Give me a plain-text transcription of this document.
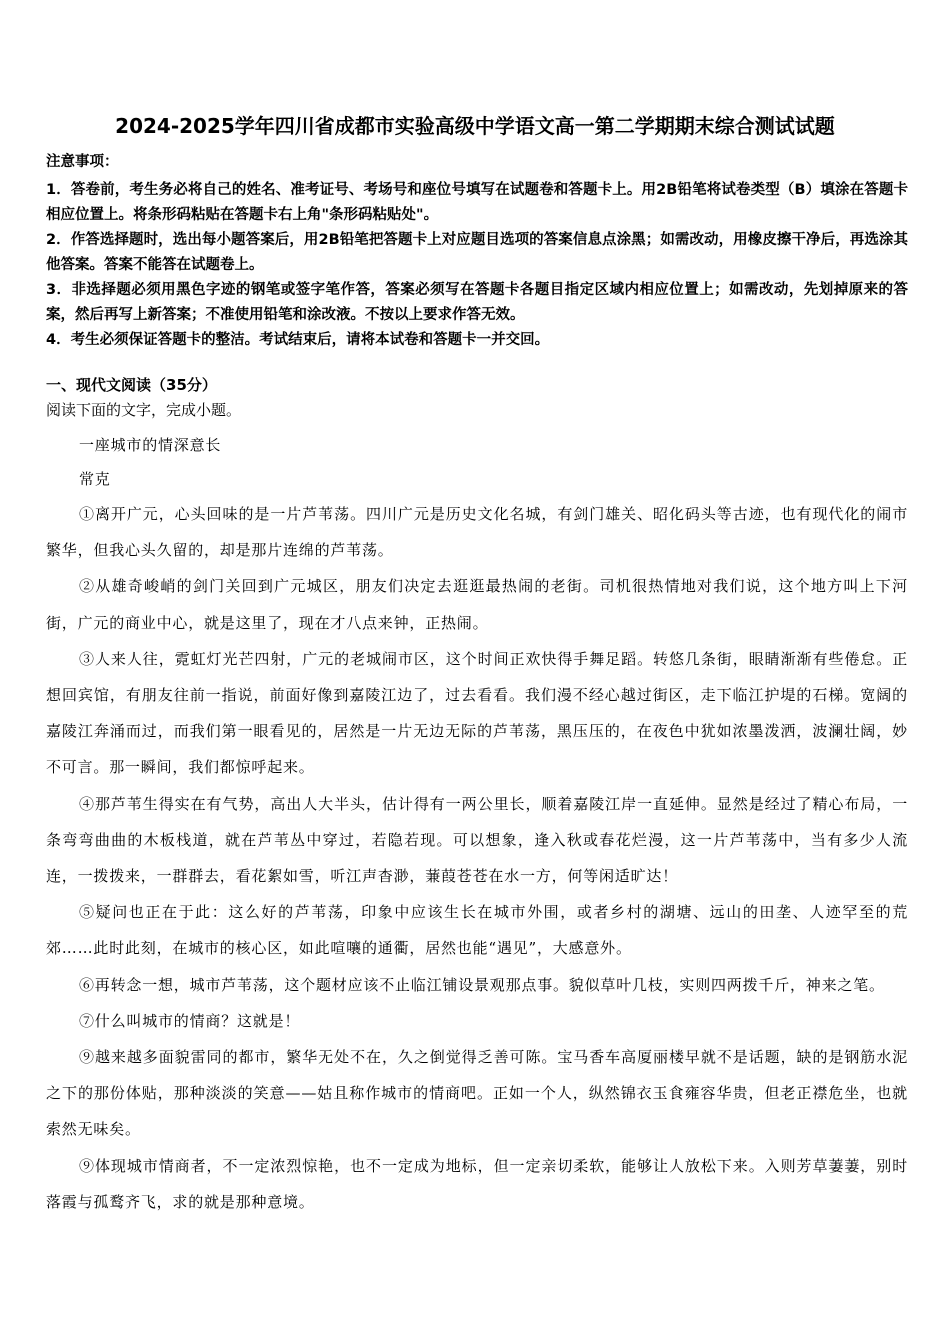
2024-2025学年四川省成都市实验高级中学语文高一第二学期期末综合测试试题
注意事项：
1．答卷前，考生务必将自己的姓名、准考证号、考场号和座位号填写在试题卷和答题卡上。用2B铅笔将试卷类型（B）填涂在答题卡相应位置上。将条形码粘贴在答题卡右上角"条形码粘贴处"。
2．作答选择题时，选出每小题答案后，用2B铅笔把答题卡上对应题目选项的答案信息点涂黑；如需改动，用橡皮擦干净后，再选涂其他答案。答案不能答在试题卷上。
3．非选择题必须用黑色字迹的钢笔或签字笔作答，答案必须写在答题卡各题目指定区域内相应位置上；如需改动，先划掉原来的答案，然后再写上新答案；不准使用铅笔和涂改液。不按以上要求作答无效。
4．考生必须保证答题卡的整洁。考试结束后，请将本试卷和答题卡一并交回。
一、现代文阅读（35分）
阅读下面的文字，完成小题。

一座城市的情深意长

常克

①离开广元，心头回味的是一片芦苇荡。四川广元是历史文化名城，有剑门雄关、昭化码头等古迹，也有现代化的闹市繁华，但我心头久留的，却是那片连绵的芦苇荡。

②从雄奇峻峭的剑门关回到广元城区，朋友们决定去逛逛最热闹的老街。司机很热情地对我们说，这个地方叫上下河街，广元的商业中心，就是这里了，现在才八点来钟，正热闹。

③人来人往，霓虹灯光芒四射，广元的老城闹市区，这个时间正欢快得手舞足蹈。转悠几条街，眼睛渐渐有些倦怠。正想回宾馆，有朋友往前一指说，前面好像到嘉陵江边了，过去看看。我们漫不经心越过街区，走下临江护堤的石梯。宽阔的嘉陵江奔涌而过，而我们第一眼看见的，居然是一片无边无际的芦苇荡，黑压压的，在夜色中犹如浓墨泼洒，波澜壮阔，妙不可言。那一瞬间，我们都惊呼起来。

④那芦苇生得实在有气势，高出人大半头，估计得有一两公里长，顺着嘉陵江岸一直延伸。显然是经过了精心布局，一条弯弯曲曲的木板栈道，就在芦苇丛中穿过，若隐若现。可以想象，逢入秋或春花烂漫，这一片芦苇荡中，当有多少人流连，一拨拨来，一群群去，看花絮如雪，听江声杳渺，蒹葭苍苍在水一方，何等闲适旷达！

⑤疑问也正在于此：这么好的芦苇荡，印象中应该生长在城市外围，或者乡村的湖塘、远山的田垄、人迹罕至的荒郊……此时此刻，在城市的核心区，如此喧嚷的通衢，居然也能“遇见”，大感意外。

⑥再转念一想，城市芦苇荡，这个题材应该不止临江铺设景观那点事。貌似草叶几枝，实则四两拨千斤，神来之笔。

⑦什么叫城市的情商？这就是！

⑨越来越多面貌雷同的都市，繁华无处不在，久之倒觉得乏善可陈。宝马香车高厦丽楼早就不是话题，缺的是钢筋水泥之下的那份体贴，那种淡淡的笑意——姑且称作城市的情商吧。正如一个人，纵然锦衣玉食雍容华贵，但老正襟危坐，也就索然无味矣。

⑨体现城市情商者，不一定浓烈惊艳，也不一定成为地标，但一定亲切柔软，能够让人放松下来。入则芳草萋萋，别时落霞与孤鹜齐飞，求的就是那种意境。
